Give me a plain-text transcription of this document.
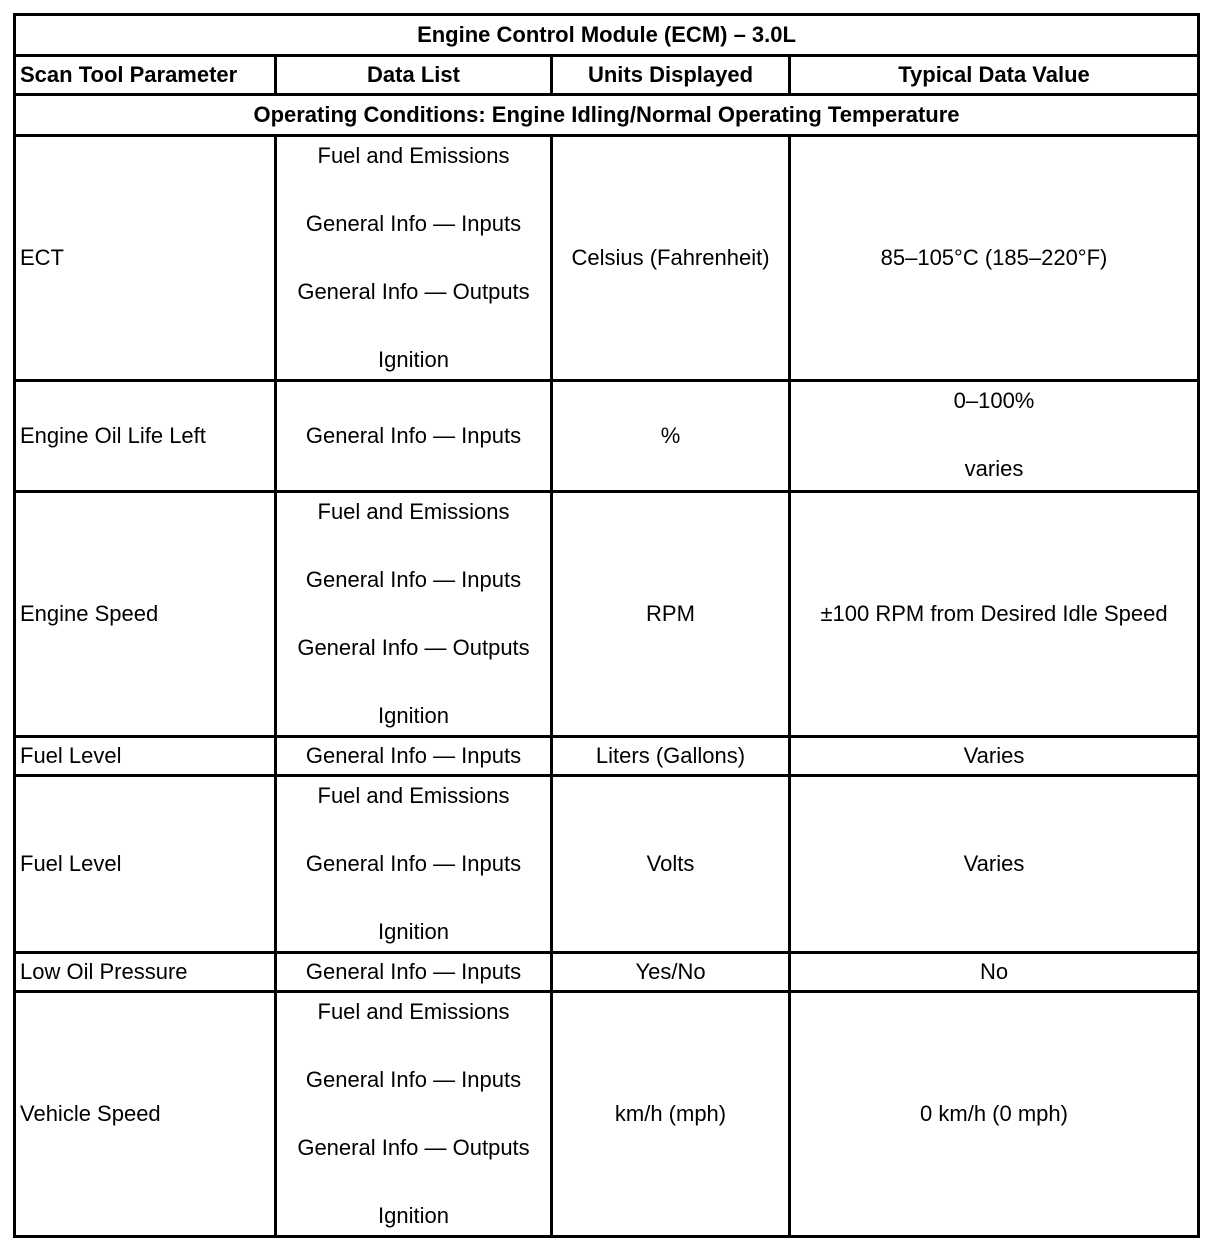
Engine Control Module (ECM) – 3.0L			
Scan Tool Parameter	Data List	Units Displayed	Typical Data Value
Operating Conditions: Engine Idling/Normal Operating Temperature			
ECT	Fuel and Emissions
General Info — Inputs
General Info — Outputs
Ignition	Celsius (Fahrenheit)	85–105°C (185–220°F)
Engine Oil Life Left	General Info — Inputs	%	0–100%
varies

Engine Speed	Fuel and Emissions
General Info — Inputs
General Info — Outputs
Ignition	RPM	±100 RPM from Desired Idle Speed
Fuel Level	General Info — Inputs	Liters (Gallons)	Varies
Fuel Level	Fuel and Emissions
General Info — Inputs
Ignition	Volts	Varies
Low Oil Pressure	General Info — Inputs	Yes/No	No
Vehicle Speed	Fuel and Emissions
General Info — Inputs
General Info — Outputs
Ignition	km/h (mph)	0 km/h (0 mph)
